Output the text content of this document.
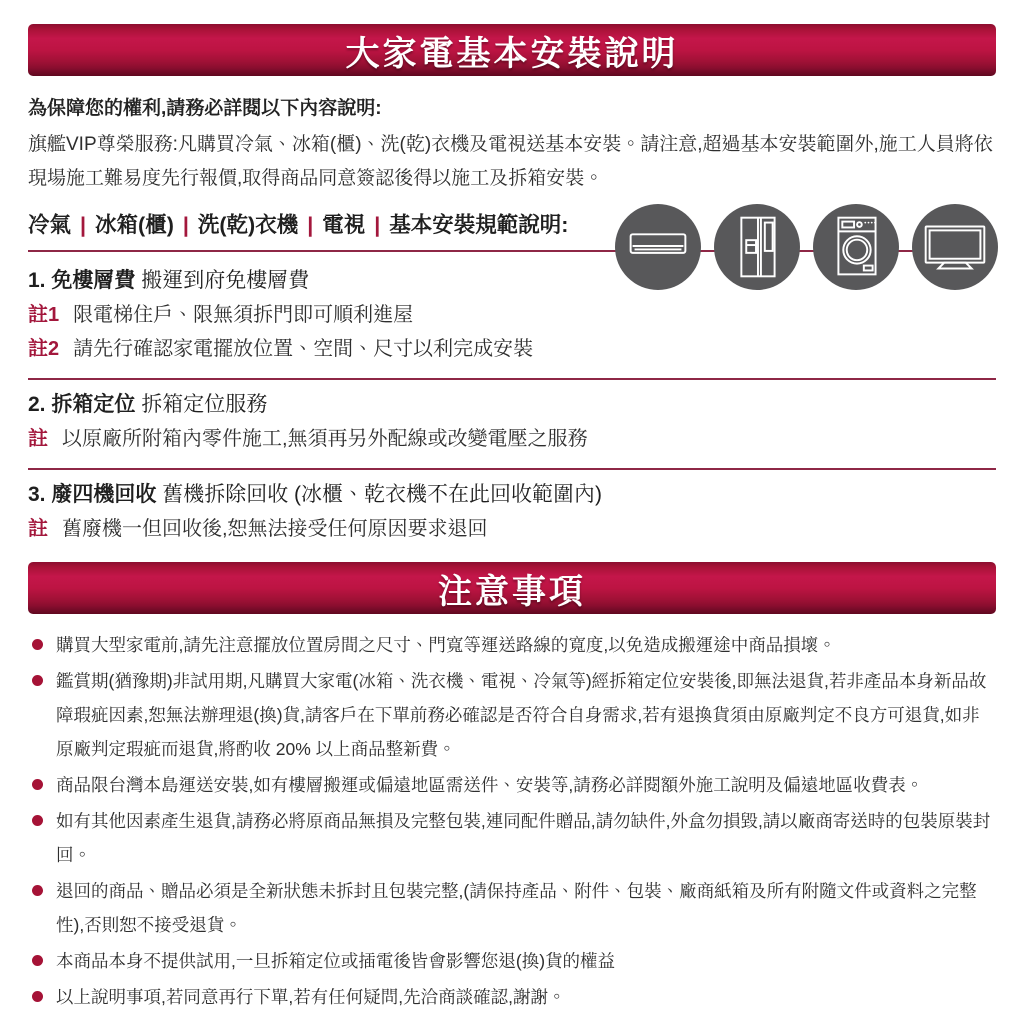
大家電基本安裝說明
為保障您的權利,請務必詳閱以下內容說明:
旗艦VIP尊榮服務:凡購買冷氣、冰箱(櫃)、洗(乾)衣機及電視送基本安裝。請注意,超過基本安裝範圍外,施工人員將依現場施工難易度先行報價,取得商品同意簽認後得以施工及拆箱安裝。
冷氣 | 冰箱(櫃) | 洗(乾)衣機 | 電視 | 基本安裝規範說明:
1. 免樓層費 搬運到府免樓層費
註1 限電梯住戶、限無須拆門即可順利進屋
註2 請先行確認家電擺放位置、空間、尺寸以利完成安裝
2. 拆箱定位 拆箱定位服務
註 以原廠所附箱內零件施工,無須再另外配線或改變電壓之服務
3. 廢四機回收 舊機拆除回收 (冰櫃、乾衣機不在此回收範圍內)
註 舊廢機一但回收後,恕無法接受任何原因要求退回
注意事項
購買大型家電前,請先注意擺放位置房間之尺寸、門寬等運送路線的寬度,以免造成搬運途中商品損壞。
鑑賞期(猶豫期)非試用期,凡購買大家電(冰箱、洗衣機、電視、冷氣等)經拆箱定位安裝後,即無法退貨,若非產品本身新品故障瑕疵因素,恕無法辦理退(換)貨,請客戶在下單前務必確認是否符合自身需求,若有退換貨須由原廠判定不良方可退貨,如非原廠判定瑕疵而退貨,將酌收 20% 以上商品整新費。
商品限台灣本島運送安裝,如有樓層搬運或偏遠地區需送件、安裝等,請務必詳閱額外施工說明及偏遠地區收費表。
如有其他因素產生退貨,請務必將原商品無損及完整包裝,連同配件贈品,請勿缺件,外盒勿損毀,請以廠商寄送時的包裝原裝封回。
退回的商品、贈品必須是全新狀態未拆封且包裝完整,(請保持產品、附件、包裝、廠商紙箱及所有附隨文件或資料之完整性),否則恕不接受退貨。
本商品本身不提供試用,一旦拆箱定位或插電後皆會影響您退(換)貨的權益
以上說明事項,若同意再行下單,若有任何疑問,先洽商談確認,謝謝。
